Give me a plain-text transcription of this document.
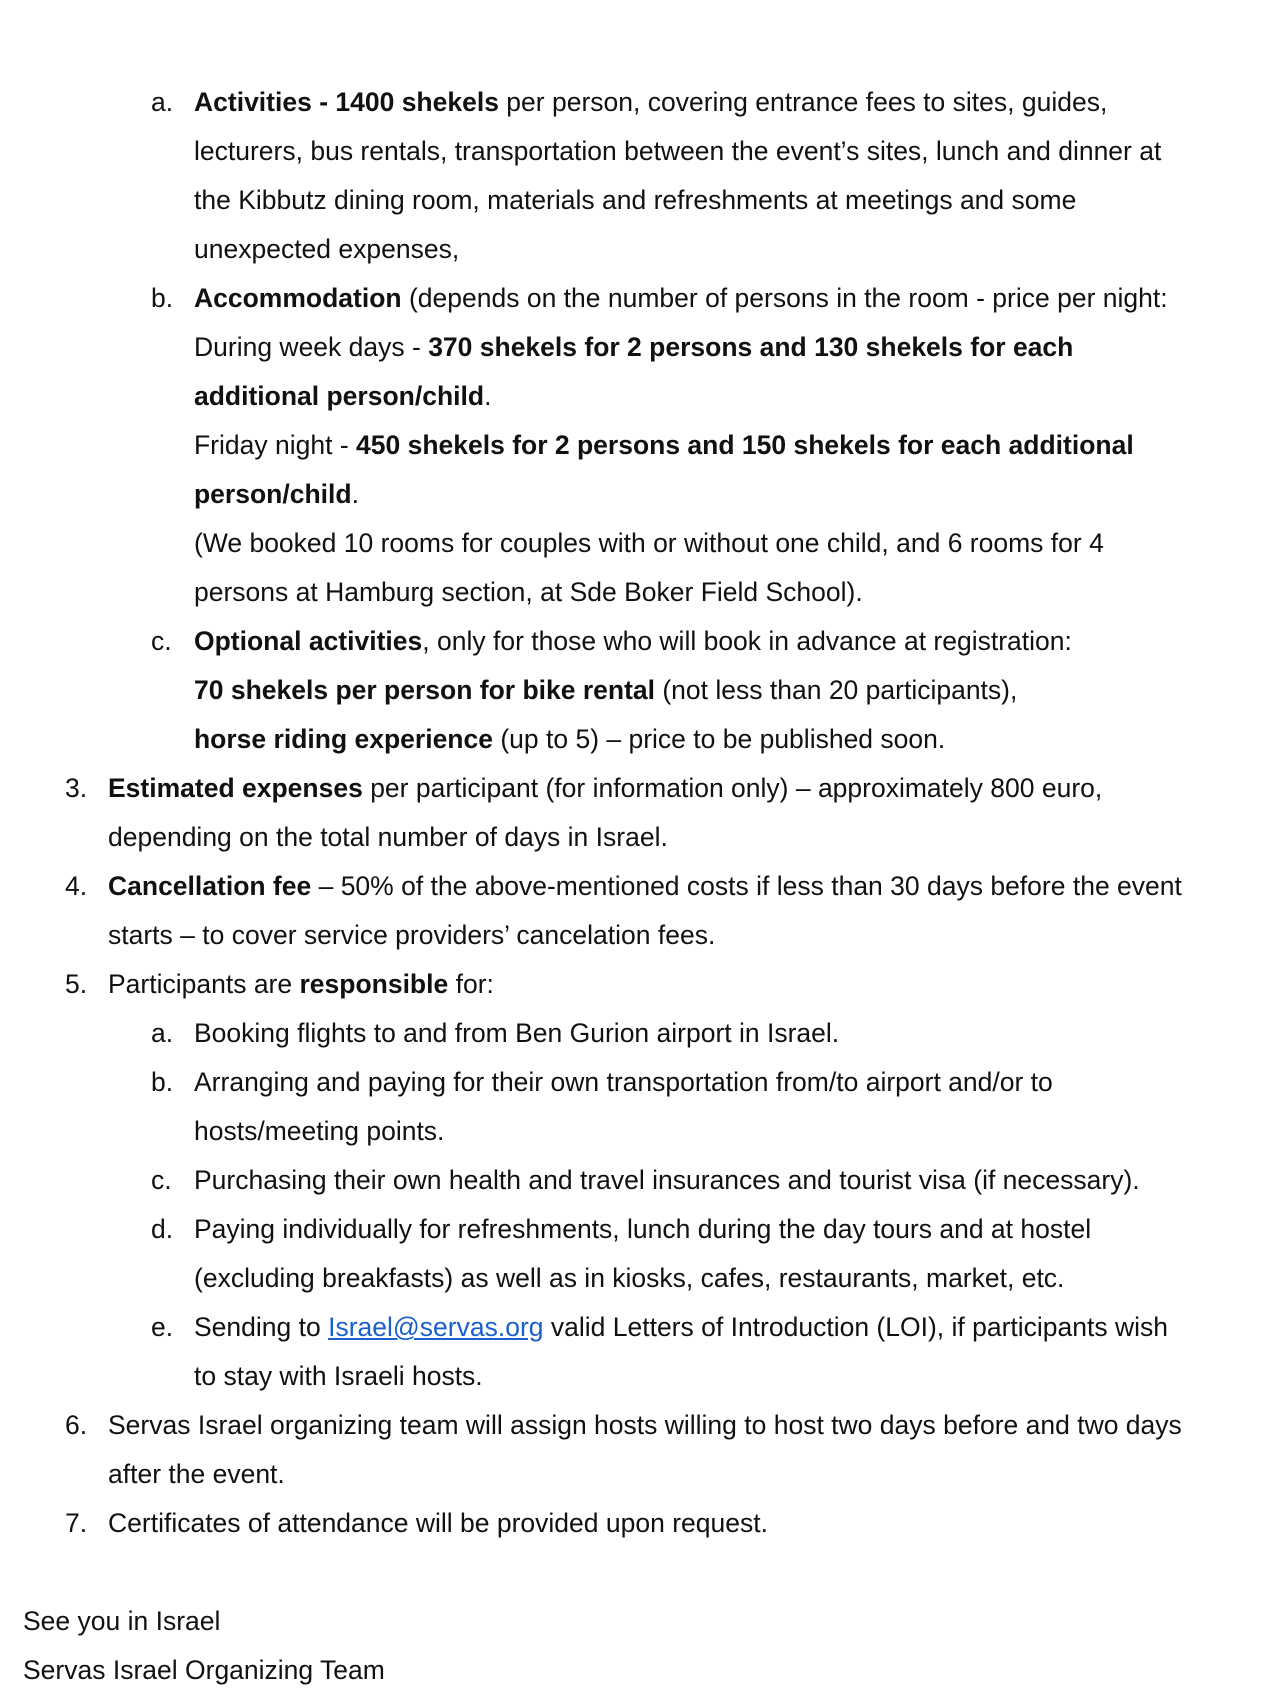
a. Activities - 1400 shekels per person, covering entrance fees to sites, guides,
lecturers, bus rentals, transportation between the event’s sites, lunch and dinner at
the Kibbutz dining room, materials and refreshments at meetings and some
unexpected expenses,
b. Accommodation (depends on the number of persons in the room - price per night:
During week days - 370 shekels for 2 persons and 130 shekels for each
additional person/child.
Friday night - 450 shekels for 2 persons and 150 shekels for each additional
person/child.
(We booked 10 rooms for couples with or without one child, and 6 rooms for 4
persons at Hamburg section, at Sde Boker Field School).
c. Optional activities, only for those who will book in advance at registration:
70 shekels per person for bike rental (not less than 20 participants),
horse riding experience (up to 5) – price to be published soon.
3. Estimated expenses per participant (for information only) – approximately 800 euro,
depending on the total number of days in Israel.
4. Cancellation fee – 50% of the above-mentioned costs if less than 30 days before the event
starts – to cover service providers’ cancelation fees.
5. Participants are responsible for:
a. Booking flights to and from Ben Gurion airport in Israel.
b. Arranging and paying for their own transportation from/to airport and/or to
hosts/meeting points.
c. Purchasing their own health and travel insurances and tourist visa (if necessary).
d. Paying individually for refreshments, lunch during the day tours and at hostel
(excluding breakfasts) as well as in kiosks, cafes, restaurants, market, etc.
e. Sending to Israel@servas.org valid Letters of Introduction (LOI), if participants wish
to stay with Israeli hosts.
6. Servas Israel organizing team will assign hosts willing to host two days before and two days
after the event.
7. Certificates of attendance will be provided upon request.
See you in Israel
Servas Israel Organizing Team
